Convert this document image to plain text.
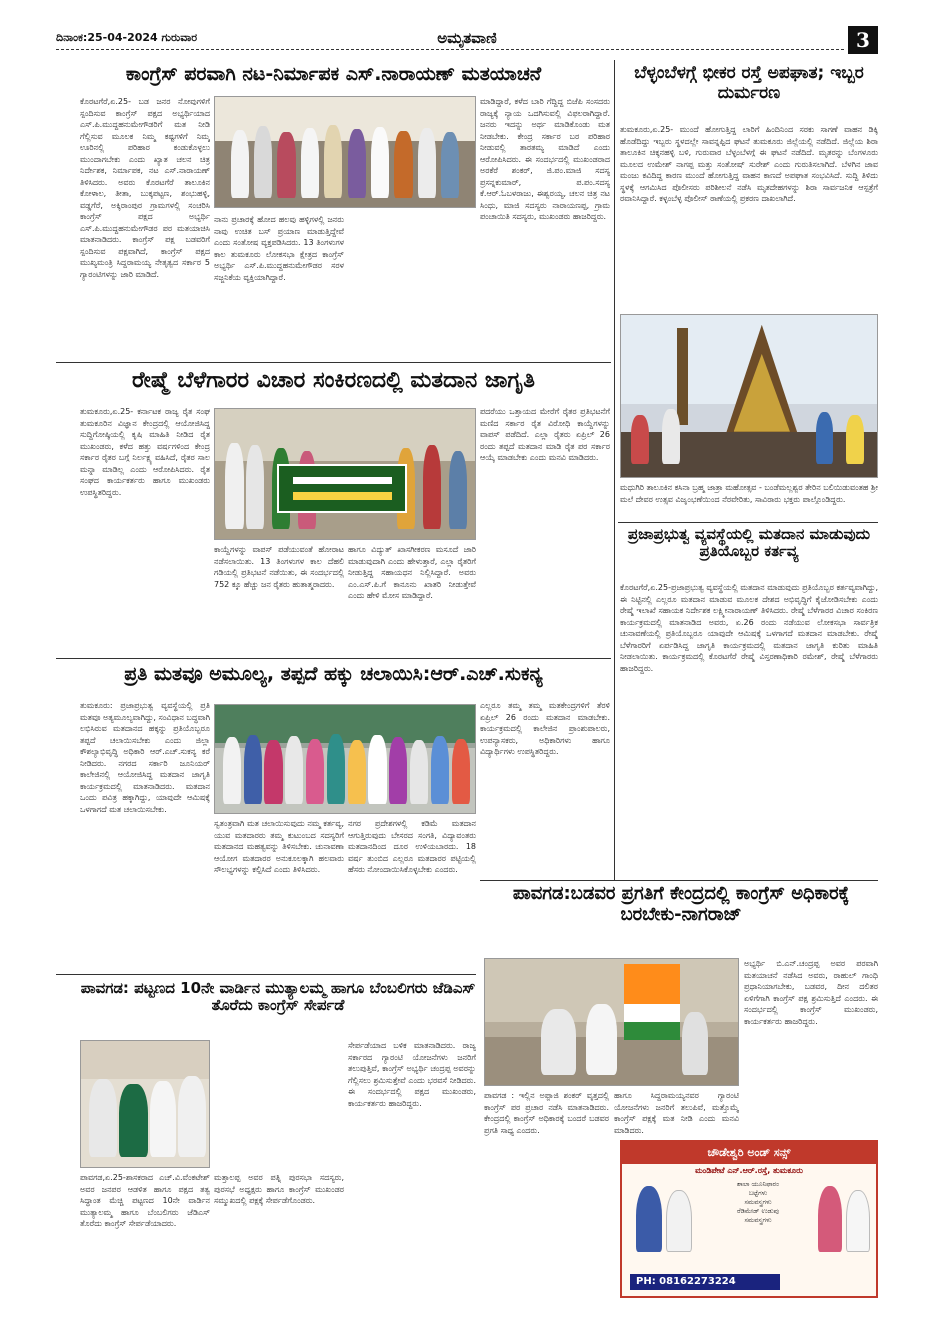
ದಿನಾಂಕ:25-04-2024 ಗುರುವಾರ	ಅಮೃತವಾಣಿ	3
ಕಾಂಗ್ರೆಸ್ ಪರವಾಗಿ ನಟ-ನಿರ್ಮಾಪಕ ಎಸ್.ನಾರಾಯಣ್ ಮತಯಾಚನೆ
ಕೊರಟಗೆರೆ,ಏ.25- ಬಡ ಜನರ ನೋವುಗಳಿಗೆ ಸ್ಪಂದಿಸುವ ಕಾಂಗ್ರೆಸ್ ಪಕ್ಷದ ಅಭ್ಯರ್ಥಿಯಾದ ಎಸ್.ಪಿ.ಮುದ್ದಹನುಮೇಗೌಡರಿಗೆ ಮತ ನೀಡಿ ಗೆಲ್ಲಿಸುವ ಮೂಲಕ ನಿಮ್ಮ ಕಷ್ಟಗಳಿಗೆ ನಿಮ್ಮ ಊರಿನಲ್ಲಿ ಪರಿಹಾರ ಕಂಡುಕೊಳ್ಳಲು ಮುಂದಾಗಬೇಕು ಎಂದು ಖ್ಯಾತ ಚಲನ ಚಿತ್ರ ನಿರ್ದೇಶಕ, ನಿರ್ಮಾಪಕ, ನಟ ಎಸ್.ನಾರಾಯಣ್ ತಿಳಿಸಿದರು. ಅವರು ಕೊರಟಗೆರೆ ತಾಲೂಕಿನ ಕೋಳಾಲ, ತೀತಾ, ಬುಕ್ಕಪಟ್ಟಣ, ಶಂಭುಹಳ್ಳಿ, ವಡ್ಡಗೆರೆ, ಅಕ್ಕಿರಾಂಪುರ ಗ್ರಾಮಗಳಲ್ಲಿ ಸಂಚರಿಸಿ ಕಾಂಗ್ರೆಸ್ ಪಕ್ಷದ ಅಭ್ಯರ್ಥಿ ಎಸ್.ಪಿ.ಮುದ್ದಹನುಮೇಗೌಡರ ಪರ ಮತಯಾಚಿಸಿ ಮಾತನಾಡಿದರು. ಕಾಂಗ್ರೆಸ್ ಪಕ್ಷ ಬಡವರಿಗೆ ಸ್ಪಂದಿಸುವ ಪಕ್ಷವಾಗಿದೆ, ಕಾಂಗ್ರೆಸ್ ಪಕ್ಷದ ಮುಖ್ಯಮಂತ್ರಿ ಸಿದ್ದರಾಮಯ್ಯ ನೇತೃತ್ವದ ಸರ್ಕಾರ 5 ಗ್ಯಾರಂಟಿಗಳನ್ನು ಜಾರಿ ಮಾಡಿದೆ.
ನಾನು ಪ್ರಚಾರಕ್ಕೆ ಹೋದ ಹಲವು ಹಳ್ಳಿಗಳಲ್ಲಿ ಜನರು ನಾವು ಉಚಿತ ಬಸ್ ಪ್ರಯಾಣ ಮಾಡುತ್ತಿದ್ದೇವೆ ಎಂದು ಸಂತೋಷ ವ್ಯಕ್ತಪಡಿಸಿದರು. 13 ತಿಂಗಳುಗಳ ಕಾಲ ತುಮಕೂರು ಲೋಕಸಭಾ ಕ್ಷೇತ್ರದ ಕಾಂಗ್ರೆಸ್ ಅಭ್ಯರ್ಥಿ ಎಸ್.ಪಿ.ಮುದ್ದಹನುಮೇಗೌಡರ ಸರಳ ಸಜ್ಜನಿಕೆಯ ವ್ಯಕ್ತಿಯಾಗಿದ್ದಾರೆ.
ಮಾಡಿದ್ದಾರೆ, ಕಳೆದ ಬಾರಿ ಗೆದ್ದಿದ್ದ ಬಿಜೆಪಿ ಸಂಸದರು ರಾಜ್ಯಕ್ಕೆ ನ್ಯಾಯ ಒದಗಿಸುವಲ್ಲಿ ವಿಫಲರಾಗಿದ್ದಾರೆ. ಜನರು ಇದನ್ನು ಅರ್ಥ ಮಾಡಿಕೊಂಡು ಮತ ನೀಡಬೇಕು. ಕೇಂದ್ರ ಸರ್ಕಾರ ಬರ ಪರಿಹಾರ ನೀಡುವಲ್ಲಿ ತಾರತಮ್ಯ ಮಾಡಿದೆ ಎಂದು ಆರೋಪಿಸಿದರು. ಈ ಸಂದರ್ಭದಲ್ಲಿ ಮುಖಂಡರಾದ ಅರಕೆರೆ ಶಂಕರ್, ಜಿ.ಪಂ.ಮಾಜಿ ಸದಸ್ಯ ಪ್ರಸನ್ನಕುಮಾರ್, ಪ.ಪಂ.ಸದಸ್ಯ ಕೆ.ಆರ್.ಓಬಳರಾಜು, ಈಶ್ವರಯ್ಯ, ಚಲನ ಚಿತ್ರ ನಟ ಸಿಂಧು, ಮಾಜಿ ಸದಸ್ಯರು ನಾರಾಯಣಪ್ಪ, ಗ್ರಾಮ ಪಂಚಾಯಿತಿ ಸದಸ್ಯರು, ಮುಖಂಡರು ಹಾಜರಿದ್ದರು.
ರೇಷ್ಮೆ ಬೆಳೆಗಾರರ ವಿಚಾರ ಸಂಕಿರಣದಲ್ಲಿ ಮತದಾನ ಜಾಗೃತಿ
ತುಮಕೂರು,ಏ.25- ಕರ್ನಾಟಕ ರಾಜ್ಯ ರೈತ ಸಂಘ ತುಮಕೂರಿನ ವಿಜ್ಞಾನ ಕೇಂದ್ರದಲ್ಲಿ ಆಯೋಜಿಸಿದ್ದ ಸುದ್ದಿಗೋಷ್ಠಿಯಲ್ಲಿ ಕೃಷಿ ಮಾಹಿತಿ ನೀಡಿದ ರೈತ ಮುಖಂಡರು, ಕಳೆದ ಹತ್ತು ವರ್ಷಗಳಿಂದ ಕೇಂದ್ರ ಸರ್ಕಾರ ರೈತರ ಬಗ್ಗೆ ನಿರ್ಲಕ್ಷ್ಯ ವಹಿಸಿದೆ, ರೈತರ ಸಾಲ ಮನ್ನಾ ಮಾಡಿಲ್ಲ ಎಂದು ಆರೋಪಿಸಿದರು. ರೈತ ಸಂಘದ ಕಾರ್ಯಕರ್ತರು ಹಾಗೂ ಮುಖಂಡರು ಉಪಸ್ಥಿತರಿದ್ದರು.
ಕಾಯ್ದೆಗಳನ್ನು ವಾಪಸ್ ಪಡೆಯುವಂತೆ ಹೋರಾಟ ನಡೆಸಲಾಯಿತು. 13 ತಿಂಗಳುಗಳ ಕಾಲ ದೆಹಲಿ ಗಡಿಯಲ್ಲಿ ಪ್ರತಿಭಟನೆ ನಡೆಯಿತು, ಈ ಸಂದರ್ಭದಲ್ಲಿ 752 ಕ್ಕೂ ಹೆಚ್ಚು ಜನ ರೈತರು ಹುತಾತ್ಮರಾದರು.
ಹಾಗೂ ವಿದ್ಯುತ್ ಖಾಸಗೀಕರಣ ಮಸೂದೆ ಜಾರಿ ಮಾಡುವುದಾಗಿ ಎಂದು ಹೇಳುತ್ತಾರೆ, ಎಲ್ಲಾ ರೈತರಿಗೆ ನೀಡುತ್ತಿದ್ದ ಸಹಾಯಧನ ನಿಲ್ಲಿಸಿದ್ದಾರೆ. ಅವರು ಎಂ.ಎಸ್.ಪಿ.ಗೆ ಕಾನೂನು ಖಾತರಿ ನೀಡುತ್ತೇವೆ ಎಂದು ಹೇಳಿ ಮೋಸ ಮಾಡಿದ್ದಾರೆ.
ಪದರೆಯು ಒತ್ತಾಯದ ಮೇರೆಗೆ ರೈತರ ಪ್ರತಿಭಟನೆಗೆ ಮಣಿದ ಸರ್ಕಾರ ರೈತ ವಿರೋಧಿ ಕಾಯ್ದೆಗಳನ್ನು ವಾಪಸ್ ಪಡೆದಿದೆ. ಎಲ್ಲಾ ರೈತರು ಏಪ್ರಿಲ್ 26 ರಂದು ತಪ್ಪದೆ ಮತದಾನ ಮಾಡಿ ರೈತ ಪರ ಸರ್ಕಾರ ಆಯ್ಕೆ ಮಾಡಬೇಕು ಎಂದು ಮನವಿ ಮಾಡಿದರು.
ಪ್ರತಿ ಮತವೂ ಅಮೂಲ್ಯ, ತಪ್ಪದೆ ಹಕ್ಕು ಚಲಾಯಿಸಿ:ಆರ್.ಎಚ್.ಸುಕನ್ಯ
ತುಮಕೂರು: ಪ್ರಜಾಪ್ರಭುತ್ವ ವ್ಯವಸ್ಥೆಯಲ್ಲಿ ಪ್ರತಿ ಮತವೂ ಅತ್ಯಮೂಲ್ಯವಾಗಿದ್ದು, ಸಂವಿಧಾನ ಬದ್ಧವಾಗಿ ಲಭಿಸಿರುವ ಮತದಾನದ ಹಕ್ಕನ್ನು ಪ್ರತಿಯೊಬ್ಬರೂ ತಪ್ಪದೆ ಚಲಾಯಿಸಬೇಕು ಎಂದು ಜಿಲ್ಲಾ ಕೌಶಲ್ಯಾಭಿವೃದ್ಧಿ ಅಧಿಕಾರಿ ಆರ್.ಎಚ್.ಸುಕನ್ಯ ಕರೆ ನೀಡಿದರು. ನಗರದ ಸರ್ಕಾರಿ ಜೂನಿಯರ್ ಕಾಲೇಜಿನಲ್ಲಿ ಆಯೋಜಿಸಿದ್ದ ಮತದಾನ ಜಾಗೃತಿ ಕಾರ್ಯಕ್ರಮದಲ್ಲಿ ಮಾತನಾಡಿದರು. ಮತದಾನ ಒಂದು ಪವಿತ್ರ ಹಕ್ಕಾಗಿದ್ದು, ಯಾವುದೇ ಆಮಿಷಕ್ಕೆ ಒಳಗಾಗದೆ ಮತ ಚಲಾಯಿಸಬೇಕು.
ಸ್ವತಂತ್ರವಾಗಿ ಮತ ಚಲಾಯಿಸುವುದು ನಮ್ಮ ಕರ್ತವ್ಯ, ಯುವ ಮತದಾರರು ತಮ್ಮ ಕುಟುಂಬದ ಸದಸ್ಯರಿಗೆ ಮತದಾನದ ಮಹತ್ವವನ್ನು ತಿಳಿಸಬೇಕು. ಚುನಾವಣಾ ಆಯೋಗ ಮತದಾರರ ಅನುಕೂಲಕ್ಕಾಗಿ ಹಲವಾರು ಸೌಲಭ್ಯಗಳನ್ನು ಕಲ್ಪಿಸಿದೆ ಎಂದು ತಿಳಿಸಿದರು.
ನಗರ ಪ್ರದೇಶಗಳಲ್ಲಿ ಕಡಿಮೆ ಮತದಾನ ಆಗುತ್ತಿರುವುದು ಬೇಸರದ ಸಂಗತಿ, ವಿದ್ಯಾವಂತರು ಮತದಾನದಿಂದ ದೂರ ಉಳಿಯಬಾರದು. 18 ವರ್ಷ ತುಂಬಿದ ಎಲ್ಲರೂ ಮತದಾರರ ಪಟ್ಟಿಯಲ್ಲಿ ಹೆಸರು ನೋಂದಾಯಿಸಿಕೊಳ್ಳಬೇಕು ಎಂದರು.
ಎಲ್ಲರೂ ತಮ್ಮ ತಮ್ಮ ಮತಕೇಂದ್ರಗಳಿಗೆ ತೆರಳಿ ಏಪ್ರಿಲ್ 26 ರಂದು ಮತದಾನ ಮಾಡಬೇಕು. ಕಾರ್ಯಕ್ರಮದಲ್ಲಿ ಕಾಲೇಜಿನ ಪ್ರಾಂಶುಪಾಲರು, ಉಪನ್ಯಾಸಕರು, ಅಧಿಕಾರಿಗಳು ಹಾಗೂ ವಿದ್ಯಾರ್ಥಿಗಳು ಉಪಸ್ಥಿತರಿದ್ದರು.
ಪಾವಗಡ: ಪಟ್ಟಣದ 10ನೇ ವಾರ್ಡಿನ ಮುತ್ಯಾಲಮ್ಮ ಹಾಗೂ ಬೆಂಬಲಿಗರು ಜೆಡಿಎಸ್ ತೊರೆದು ಕಾಂಗ್ರೆಸ್ ಸೇರ್ಪಡೆ
ಪಾವಗಡ,ಏ.25-ಶಾಸಕರಾದ ಎಚ್.ವಿ.ವೆಂಕಟೇಶ್ ಅವರ ಜನಪರ ಆಡಳಿತ ಹಾಗೂ ಪಕ್ಷದ ತತ್ವ ಸಿದ್ಧಾಂತ ಮೆಚ್ಚಿ ಪಟ್ಟಣದ 10ನೇ ವಾರ್ಡಿನ ಮುತ್ಯಾಲಮ್ಮ ಹಾಗೂ ಬೆಂಬಲಿಗರು ಜೆಡಿಎಸ್ ತೊರೆದು ಕಾಂಗ್ರೆಸ್ ಸೇರ್ಪಡೆಯಾದರು.
ಮತ್ತಾಲಪ್ಪ ಅವರ ಪತ್ನಿ ಪುರಸಭಾ ಸದಸ್ಯರು, ಪುರಸಭೆ ಅಧ್ಯಕ್ಷರು ಹಾಗೂ ಕಾಂಗ್ರೆಸ್ ಮುಖಂಡರ ಸಮ್ಮುಖದಲ್ಲಿ ಪಕ್ಷಕ್ಕೆ ಸೇರ್ಪಡೆಗೊಂಡರು.
ಸೇರ್ಪಡೆಯಾದ ಬಳಿಕ ಮಾತನಾಡಿದರು. ರಾಜ್ಯ ಸರ್ಕಾರದ ಗ್ಯಾರಂಟಿ ಯೋಜನೆಗಳು ಜನರಿಗೆ ತಲುಪುತ್ತಿವೆ, ಕಾಂಗ್ರೆಸ್ ಅಭ್ಯರ್ಥಿ ಚಂದ್ರಪ್ಪ ಅವರನ್ನು ಗೆಲ್ಲಿಸಲು ಶ್ರಮಿಸುತ್ತೇವೆ ಎಂದು ಭರವಸೆ ನೀಡಿದರು. ಈ ಸಂದರ್ಭದಲ್ಲಿ ಪಕ್ಷದ ಮುಖಂಡರು, ಕಾರ್ಯಕರ್ತರು ಹಾಜರಿದ್ದರು.
ಬೆಳ್ಳಂಬೆಳಗ್ಗೆ ಭೀಕರ ರಸ್ತೆ ಅಪಘಾತ; ಇಬ್ಬರ ದುರ್ಮರಣ
ತುಮಕೂರು,ಏ.25- ಮುಂದೆ ಹೋಗುತ್ತಿದ್ದ ಲಾರಿಗೆ ಹಿಂದಿನಿಂದ ಸರಕು ಸಾಗಣೆ ವಾಹನ ಡಿಕ್ಕಿ ಹೊಡೆದಿದ್ದು ಇಬ್ಬರು ಸ್ಥಳದಲ್ಲೇ ಸಾವನ್ನಪ್ಪಿದ ಘಟನೆ ತುಮಕೂರು ಜಿಲ್ಲೆಯಲ್ಲಿ ನಡೆದಿದೆ. ಜಿಲ್ಲೆಯ ಶಿರಾ ತಾಲೂಕಿನ ಚಿಕ್ಕನಹಳ್ಳಿ ಬಳಿ, ಗುರುವಾರ ಬೆಳ್ಳಂಬೆಳಗ್ಗೆ ಈ ಘಟನೆ ನಡೆದಿದೆ. ಮೃತರನ್ನು ಬೆಂಗಳೂರು ಮೂಲದ ಉಮೇಶ್ ನಾಗಪ್ಪ ಮತ್ತು ಸಂತೋಷ್ ಸುರೇಶ್ ಎಂದು ಗುರುತಿಸಲಾಗಿದೆ. ಬೆಳಗಿನ ಜಾವ ಮಂಜು ಕವಿದಿದ್ದ ಕಾರಣ ಮುಂದೆ ಹೋಗುತ್ತಿದ್ದ ವಾಹನ ಕಾಣದೆ ಅಪಘಾತ ಸಂಭವಿಸಿದೆ. ಸುದ್ದಿ ತಿಳಿದು ಸ್ಥಳಕ್ಕೆ ಆಗಮಿಸಿದ ಪೊಲೀಸರು ಪರಿಶೀಲನೆ ನಡೆಸಿ ಮೃತದೇಹಗಳನ್ನು ಶಿರಾ ಸಾರ್ವಜನಿಕ ಆಸ್ಪತ್ರೆಗೆ ರವಾನಿಸಿದ್ದಾರೆ. ಕಳ್ಳಂಬೆಳ್ಳ ಪೊಲೀಸ್ ಠಾಣೆಯಲ್ಲಿ ಪ್ರಕರಣ ದಾಖಲಾಗಿದೆ.
ಮಧುಗಿರಿ ತಾಲೂಕಿನ ಕಸಿನಾ ಬ್ರಹ್ಮ ಜಾತ್ರಾ ಮಹೋತ್ಸವ - ಬಂಡೆಮಲ್ಲಶ್ವರ ತೇರಿನ ಬಲಿಯಿಡುವಂತಹ ಶ್ರೀ ಮಲೆ ದೇವರ ಉತ್ಸವ ವಿಜೃಂಭಣೆಯಿಂದ ನೆರವೇರಿತು, ಸಾವಿರಾರು ಭಕ್ತರು ಪಾಲ್ಗೊಂಡಿದ್ದರು.
ಪ್ರಜಾಪ್ರಭುತ್ವ ವ್ಯವಸ್ಥೆಯಲ್ಲಿ ಮತದಾನ ಮಾಡುವುದು ಪ್ರತಿಯೊಬ್ಬರ ಕರ್ತವ್ಯ
ಕೊರಟಗೆರೆ,ಏ.25-ಪ್ರಜಾಪ್ರಭುತ್ವ ವ್ಯವಸ್ಥೆಯಲ್ಲಿ ಮತದಾನ ಮಾಡುವುದು ಪ್ರತಿಯೊಬ್ಬರ ಕರ್ತವ್ಯವಾಗಿದ್ದು, ಈ ನಿಟ್ಟಿನಲ್ಲಿ ಎಲ್ಲರೂ ಮತದಾನ ಮಾಡುವ ಮೂಲಕ ದೇಶದ ಅಭಿವೃದ್ಧಿಗೆ ಕೈಜೋಡಿಸಬೇಕು ಎಂದು ರೇಷ್ಮೆ ಇಲಾಖೆ ಸಹಾಯಕ ನಿರ್ದೇಶಕ ಲಕ್ಷ್ಮೀನಾರಾಯಣ್ ತಿಳಿಸಿದರು. ರೇಷ್ಮೆ ಬೆಳೆಗಾರರ ವಿಚಾರ ಸಂಕಿರಣ ಕಾರ್ಯಕ್ರಮದಲ್ಲಿ ಮಾತನಾಡಿದ ಅವರು, ಏ.26 ರಂದು ನಡೆಯುವ ಲೋಕಸಭಾ ಸಾರ್ವತ್ರಿಕ ಚುನಾವಣೆಯಲ್ಲಿ ಪ್ರತಿಯೊಬ್ಬರೂ ಯಾವುದೇ ಆಮಿಷಕ್ಕೆ ಒಳಗಾಗದೆ ಮತದಾನ ಮಾಡಬೇಕು. ರೇಷ್ಮೆ ಬೆಳೆಗಾರರಿಗೆ ಏರ್ಪಡಿಸಿದ್ದ ಜಾಗೃತಿ ಕಾರ್ಯಕ್ರಮದಲ್ಲಿ ಮತದಾನ ಜಾಗೃತಿ ಕುರಿತು ಮಾಹಿತಿ ನೀಡಲಾಯಿತು. ಕಾರ್ಯಕ್ರಮದಲ್ಲಿ ಕೊರಟಗೆರೆ ರೇಷ್ಮೆ ವಿಸ್ತರಣಾಧಿಕಾರಿ ರಮೇಶ್, ರೇಷ್ಮೆ ಬೆಳೆಗಾರರು ಹಾಜರಿದ್ದರು.
ಪಾವಗಡ:ಬಡವರ ಪ್ರಗತಿಗೆ ಕೇಂದ್ರದಲ್ಲಿ ಕಾಂಗ್ರೆಸ್ ಅಧಿಕಾರಕ್ಕೆ ಬರಬೇಕು-ನಾಗರಾಜ್
ಪಾವಗಡ : ಇಲ್ಲಿನ ಅಪ್ಪಾಜಿ ಶಂಕರ್ ವೃತ್ತದಲ್ಲಿ ಕಾಂಗ್ರೆಸ್ ಪರ ಪ್ರಚಾರ ನಡೆಸಿ ಮಾತನಾಡಿದರು. ಕೇಂದ್ರದಲ್ಲಿ ಕಾಂಗ್ರೆಸ್ ಅಧಿಕಾರಕ್ಕೆ ಬಂದರೆ ಬಡವರ ಪ್ರಗತಿ ಸಾಧ್ಯ ಎಂದರು.
ಹಾಗೂ ಸಿದ್ದರಾಮಯ್ಯನವರ ಗ್ಯಾರಂಟಿ ಯೋಜನೆಗಳು ಜನರಿಗೆ ತಲುಪಿವೆ, ಮತ್ತೊಮ್ಮೆ ಕಾಂಗ್ರೆಸ್ ಪಕ್ಷಕ್ಕೆ ಮತ ನೀಡಿ ಎಂದು ಮನವಿ ಮಾಡಿದರು.
ಅಭ್ಯರ್ಥಿ ಬಿ.ಎನ್.ಚಂದ್ರಪ್ಪ ಅವರ ಪರವಾಗಿ ಮತಯಾಚನೆ ನಡೆಸಿದ ಅವರು, ರಾಹುಲ್ ಗಾಂಧಿ ಪ್ರಧಾನಿಯಾಗಬೇಕು, ಬಡವರ, ದೀನ ದಲಿತರ ಏಳಿಗೆಗಾಗಿ ಕಾಂಗ್ರೆಸ್ ಪಕ್ಷ ಶ್ರಮಿಸುತ್ತಿದೆ ಎಂದರು. ಈ ಸಂದರ್ಭದಲ್ಲಿ ಕಾಂಗ್ರೆಸ್ ಮುಖಂಡರು, ಕಾರ್ಯಕರ್ತರು ಹಾಜರಿದ್ದರು.
ಚೌಡೇಶ್ವರಿ ಅಂಡ್ ಸನ್ಸ್
ಮಂಡಿಪೇಟೆ ಎನ್.ಆರ್.ರಸ್ತೆ, ತುಮಕೂರು
ಶಾಲಾ ಯೂನಿಫಾರಂ
ಬಟ್ಟೆಗಳು
ಸಮವಸ್ತ್ರಗಳು
ರೆಡಿಮೇಡ್ ಉಡುಪು
ಸಮವಸ್ತ್ರಗಳು
PH: 08162273224
